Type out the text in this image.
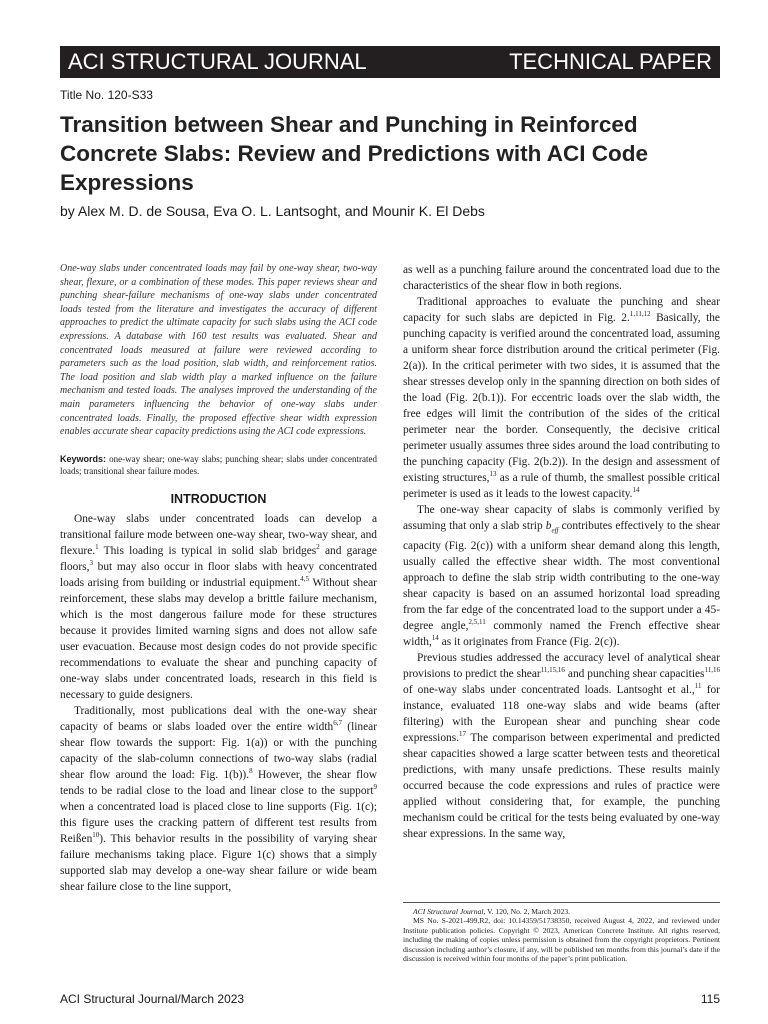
ACI STRUCTURAL JOURNAL	TECHNICAL PAPER
Title No. 120-S33
Transition between Shear and Punching in Reinforced Concrete Slabs: Review and Predictions with ACI Code Expressions
by Alex M. D. de Sousa, Eva O. L. Lantsoght, and Mounir K. El Debs

One-way slabs under concentrated loads may fail by one-way shear, two-way shear, flexure, or a combination of these modes. This paper reviews shear and punching shear-failure mechanisms of one-way slabs under concentrated loads tested from the literature and investigates the accuracy of different approaches to predict the ultimate capacity for such slabs using the ACI code expressions. A database with 160 test results was evaluated. Shear and concentrated loads measured at failure were reviewed according to parameters such as the load position, slab width, and reinforcement ratios. The load position and slab width play a marked influence on the failure mechanism and tested loads. The analyses improved the understanding of the main parameters influencing the behavior of one-way slabs under concentrated loads. Finally, the proposed effective shear width expression enables accurate shear capacity predictions using the ACI code expressions.

Keywords: one-way shear; one-way slabs; punching shear; slabs under concentrated loads; transitional shear failure modes.

INTRODUCTION

One-way slabs under concentrated loads can develop a transitional failure mode between one-way shear, two-way shear, and flexure.$^1$ This loading is typical in solid slab bridges$^2$ and garage floors,$^3$ but may also occur in floor slabs with heavy concentrated loads arising from building or industrial equipment.$^{4,5}$ Without shear reinforcement, these slabs may develop a brittle failure mechanism, which is the most dangerous failure mode for these structures because it provides limited warning signs and does not allow safe user evacuation. Because most design codes do not provide specific recommendations to evaluate the shear and punching capacity of one-way slabs under concentrated loads, research in this field is necessary to guide designers.

Traditionally, most publications deal with the one-way shear capacity of beams or slabs loaded over the entire width$^{6,7}$ (linear shear flow towards the support: Fig. 1(a)) or with the punching capacity of the slab-column connections of two-way slabs (radial shear flow around the load: Fig. 1(b)).$^8$ However, the shear flow tends to be radial close to the load and linear close to the support$^9$ when a concentrated load is placed close to line supports (Fig. 1(c); this figure uses the cracking pattern of different test results from Reißen$^{10}$). This behavior results in the possibility of varying shear failure mechanisms taking place. Figure 1(c) shows that a simply supported slab may develop a one-way shear failure or wide beam shear failure close to the line support,

as well as a punching failure around the concentrated load due to the characteristics of the shear flow in both regions.

Traditional approaches to evaluate the punching and shear capacity for such slabs are depicted in Fig. 2.$^{1,11,12}$ Basically, the punching capacity is verified around the concentrated load, assuming a uniform shear force distribution around the critical perimeter (Fig. 2(a)). In the critical perimeter with two sides, it is assumed that the shear stresses develop only in the spanning direction on both sides of the load (Fig. 2(b.1)). For eccentric loads over the slab width, the free edges will limit the contribution of the sides of the critical perimeter near the border. Consequently, the decisive critical perimeter usually assumes three sides around the load contributing to the punching capacity (Fig. 2(b.2)). In the design and assessment of existing structures,$^{13}$ as a rule of thumb, the smallest possible critical perimeter is used as it leads to the lowest capacity.$^{14}$

The one-way shear capacity of slabs is commonly verified by assuming that only a slab strip $b_{eff}$ contributes effectively to the shear capacity (Fig. 2(c)) with a uniform shear demand along this length, usually called the effective shear width. The most conventional approach to define the slab strip width contributing to the one-way shear capacity is based on an assumed horizontal load spreading from the far edge of the concentrated load to the support under a 45-degree angle,$^{2,5,11}$ commonly named the French effective shear width,$^{14}$ as it originates from France (Fig. 2(c)).

Previous studies addressed the accuracy level of analytical shear provisions to predict the shear$^{11,15,16}$ and punching shear capacities$^{11,16}$ of one-way slabs under concentrated loads. Lantsoght et al.,$^{11}$ for instance, evaluated 118 one-way slabs and wide beams (after filtering) with the European shear and punching shear code expressions.$^{17}$ The comparison between experimental and predicted shear capacities showed a large scatter between tests and theoretical predictions, with many unsafe predictions. These results mainly occurred because the code expressions and rules of practice were applied without considering that, for example, the punching mechanism could be critical for the tests being evaluated by one-way shear expressions. In the same way,

ACI Structural Journal, V. 120, No. 2, March 2023.

MS No. S-2021-499.R2, doi: 10.14359/51738350, received August 4, 2022, and reviewed under Institute publication policies. Copyright © 2023, American Concrete Institute. All rights reserved, including the making of copies unless permission is obtained from the copyright proprietors. Pertinent discussion including author’s closure, if any, will be published ten months from this journal’s date if the discussion is received within four months of the paper’s print publication.

ACI Structural Journal/March 2023	115
